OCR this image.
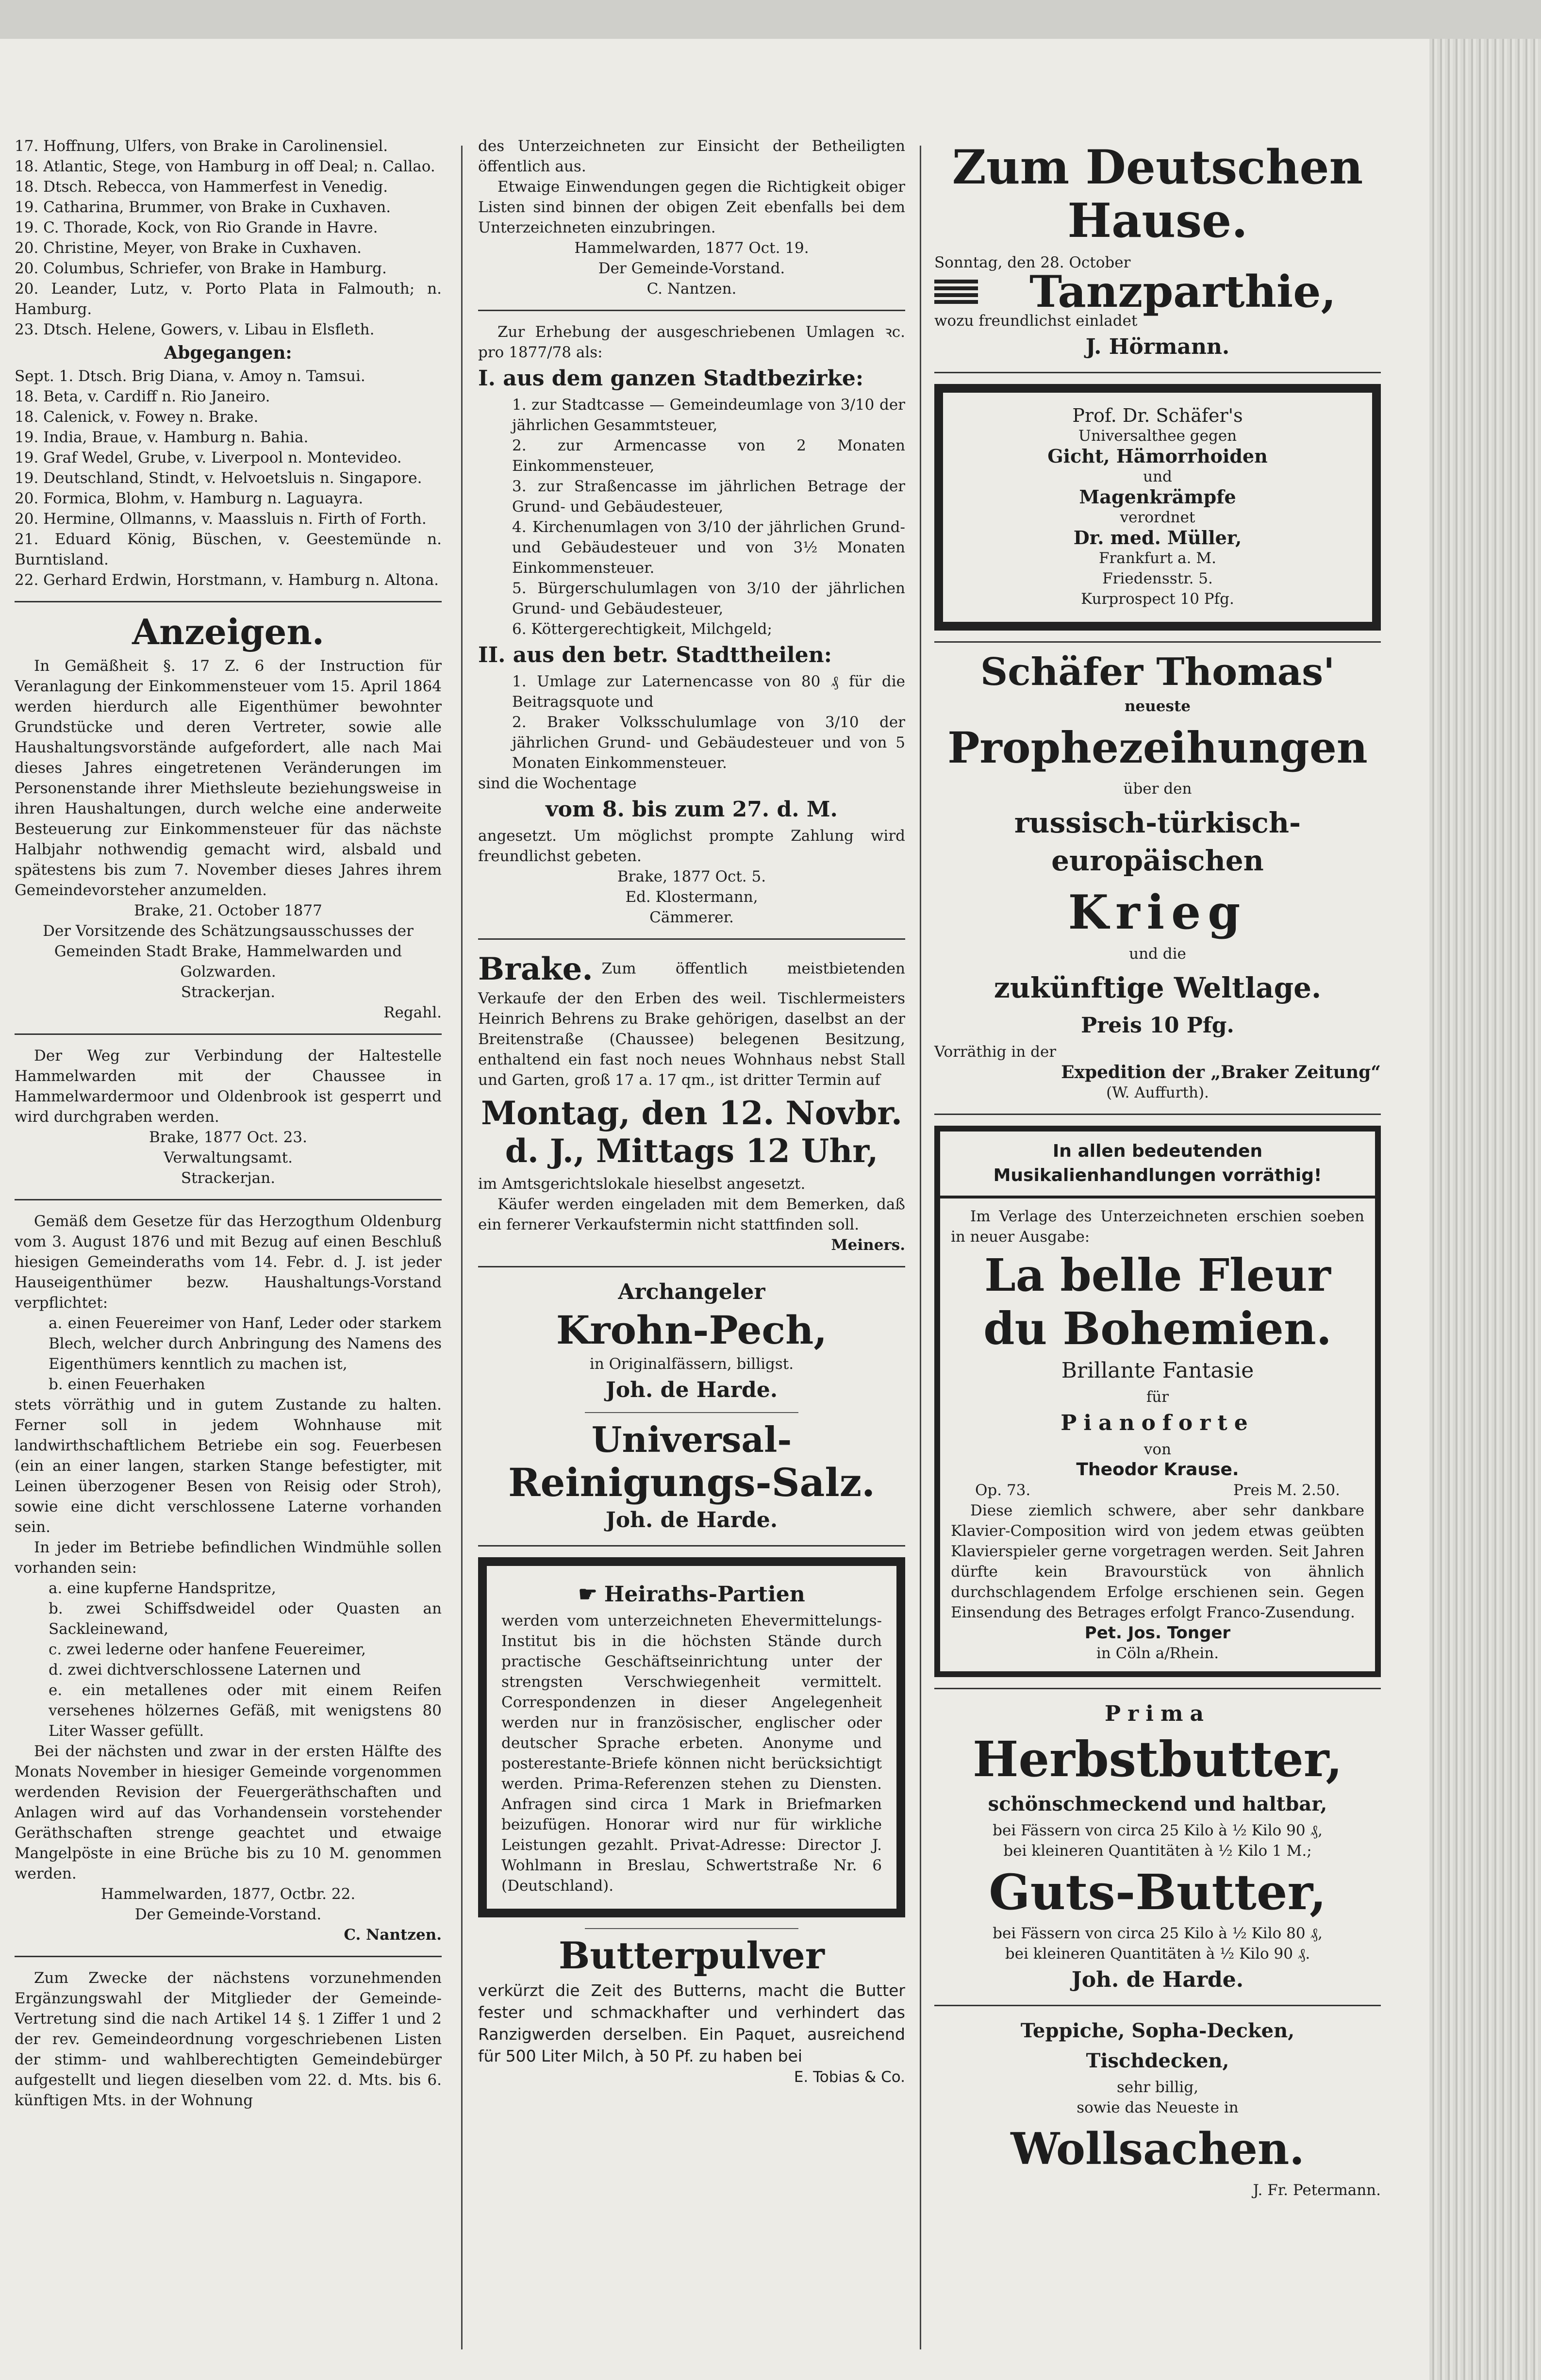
17. Hoffnung, Ulfers, von Brake in Carolinensiel.

18. Atlantic, Stege, von Hamburg in off Deal; n. Callao.

18. Dtsch. Rebecca, von Hammerfest in Venedig.

19. Catharina, Brummer, von Brake in Cuxhaven.

19. C. Thorade, Kock, von Rio Grande in Havre.

20. Christine, Meyer, von Brake in Cuxhaven.

20. Columbus, Schriefer, von Brake in Hamburg.

20. Leander, Lutz, v. Porto Plata in Falmouth; n. Hamburg.

23. Dtsch. Helene, Gowers, v. Libau in Elsfleth.

Abgegangen:

Sept. 1. Dtsch. Brig Diana, v. Amoy n. Tamsui.

18. Beta, v. Cardiff n. Rio Janeiro.

18. Calenick, v. Fowey n. Brake.

19. India, Braue, v. Hamburg n. Bahia.

19. Graf Wedel, Grube, v. Liverpool n. Montevideo.

19. Deutschland, Stindt, v. Helvoetsluis n. Singapore.

20. Formica, Blohm, v. Hamburg n. Laguayra.

20. Hermine, Ollmanns, v. Maassluis n. Firth of Forth.

21. Eduard König, Büschen, v. Geestemünde n. Burntisland.

22. Gerhard Erdwin, Horstmann, v. Hamburg n. Altona.

Anzeigen.

In Gemäßheit §. 17 Z. 6 der Instruction für Veranlagung der Einkommensteuer vom 15. April 1864 werden hierdurch alle Eigenthümer bewohnter Grundstücke und deren Vertreter, sowie alle Haushaltungsvorstände aufgefordert, alle nach Mai dieses Jahres eingetretenen Veränderungen im Personenstande ihrer Miethsleute beziehungsweise in ihren Haushaltungen, durch welche eine anderweite Besteuerung zur Einkommensteuer für das nächste Halbjahr nothwendig gemacht wird, alsbald und spätestens bis zum 7. November dieses Jahres ihrem Gemeindevorsteher anzumelden.

Brake, 21. October 1877

Der Vorsitzende des Schätzungsausschusses der Gemeinden Stadt Brake, Hammelwarden und Golzwarden.

Strackerjan.

Regahl.

Der Weg zur Verbindung der Haltestelle Hammelwarden mit der Chaussee in Hammelwardermoor und Oldenbrook ist gesperrt und wird durchgraben werden.

Brake, 1877 Oct. 23.

Verwaltungsamt.

Strackerjan.

Gemäß dem Gesetze für das Herzogthum Oldenburg vom 3. August 1876 und mit Bezug auf einen Beschluß hiesigen Gemeinderaths vom 14. Febr. d. J. ist jeder Hauseigenthümer bezw. Haushaltungs-Vorstand verpflichtet:

a. einen Feuereimer von Hanf, Leder oder starkem Blech, welcher durch Anbringung des Namens des Eigenthümers kenntlich zu machen ist,

b. einen Feuerhaken

stets vörräthig und in gutem Zustande zu halten. Ferner soll in jedem Wohnhause mit landwirthschaftlichem Betriebe ein sog. Feuerbesen (ein an einer langen, starken Stange befestigter, mit Leinen überzogener Besen von Reisig oder Stroh), sowie eine dicht verschlossene Laterne vorhanden sein.

In jeder im Betriebe befindlichen Windmühle sollen vorhanden sein:

a. eine kupferne Handspritze,

b. zwei Schiffsdweidel oder Quasten an Sackleinewand,

c. zwei lederne oder hanfene Feuereimer,

d. zwei dichtverschlossene Laternen und

e. ein metallenes oder mit einem Reifen versehenes hölzernes Gefäß, mit wenigstens 80 Liter Wasser gefüllt.

Bei der nächsten und zwar in der ersten Hälfte des Monats November in hiesiger Gemeinde vorgenommen werdenden Revision der Feuergeräthschaften und Anlagen wird auf das Vorhandensein vorstehender Geräthschaften strenge geachtet und etwaige Mangelpöste in eine Brüche bis zu 10 M. genommen werden.

Hammelwarden, 1877, Octbr. 22.

Der Gemeinde-Vorstand.

C. Nantzen.

Zum Zwecke der nächstens vorzunehmenden Ergänzungswahl der Mitglieder der Gemeinde-Vertretung sind die nach Artikel 14 §. 1 Ziffer 1 und 2 der rev. Gemeindeordnung vorgeschriebenen Listen der stimm- und wahlberechtigten Gemeindebürger aufgestellt und liegen dieselben vom 22. d. Mts. bis 6. künftigen Mts. in der Wohnung

des Unterzeichneten zur Einsicht der Betheiligten öffentlich aus.

Etwaige Einwendungen gegen die Richtigkeit obiger Listen sind binnen der obigen Zeit ebenfalls bei dem Unterzeichneten einzubringen.

Hammelwarden, 1877 Oct. 19.

Der Gemeinde-Vorstand.

C. Nantzen.

Zur Erhebung der ausgeschriebenen Umlagen ꝛc. pro 1877/78 als:

I. aus dem ganzen Stadtbezirke:

1. zur Stadtcasse — Gemeindeumlage von 3/10 der jährlichen Gesammtsteuer,

2. zur Armencasse von 2 Monaten Einkommensteuer,

3. zur Straßencasse im jährlichen Betrage der Grund- und Gebäudesteuer,

4. Kirchenumlagen von 3/10 der jährlichen Grund- und Gebäudesteuer und von 3½ Monaten Einkommensteuer.

5. Bürgerschulumlagen von 3/10 der jährlichen Grund- und Gebäudesteuer,

6. Köttergerechtigkeit, Milchgeld;

II. aus den betr. Stadttheilen:

1. Umlage zur Laternencasse von 80 ₰ für die Beitragsquote und

2. Braker Volksschulumlage von 3/10 der jährlichen Grund- und Gebäudesteuer und von 5 Monaten Einkommensteuer.

sind die Wochentage

vom 8. bis zum 27. d. M.

angesetzt. Um möglichst prompte Zahlung wird freundlichst gebeten.

Brake, 1877 Oct. 5.

Ed. Klostermann,

Cämmerer.

Brake. Zum öffentlich meistbietenden Verkaufe der den Erben des weil. Tischlermeisters Heinrich Behrens zu Brake gehörigen, daselbst an der Breitenstraße (Chaussee) belegenen Besitzung, enthaltend ein fast noch neues Wohnhaus nebst Stall und Garten, groß 17 a. 17 qm., ist dritter Termin auf

Montag, den 12. Novbr.

d. J., Mittags 12 Uhr,

im Amtsgerichtslokale hieselbst angesetzt.

Käufer werden eingeladen mit dem Bemerken, daß ein fernerer Verkaufstermin nicht stattfinden soll.

Meiners.

Archangeler

Krohn-Pech,

in Originalfässern, billigst.

Joh. de Harde.

Universal-

Reinigungs-Salz.

Joh. de Harde.

☛ Heiraths-Partien

werden vom unterzeichneten Ehevermittelungs-Institut bis in die höchsten Stände durch practische Geschäftseinrichtung unter der strengsten Verschwiegenheit vermittelt. Correspondenzen in dieser Angelegenheit werden nur in französischer, englischer oder deutscher Sprache erbeten. Anonyme und posterestante-Briefe können nicht berücksichtigt werden. Prima-Referenzen stehen zu Diensten. Anfragen sind circa 1 Mark in Briefmarken beizufügen. Honorar wird nur für wirkliche Leistungen gezahlt. Privat-Adresse: Director J. Wohlmann in Breslau, Schwertstraße Nr. 6 (Deutschland).

Butterpulver

verkürzt die Zeit des Butterns, macht die Butter fester und schmackhafter und verhindert das Ranzigwerden derselben. Ein Paquet, ausreichend für 500 Liter Milch, à 50 Pf. zu haben bei

E. Tobias & Co.

Zum Deutschen Hause.

Sonntag, den 28. October

Tanzparthie,

wozu freundlichst einladet

J. Hörmann.

Prof. Dr. Schäfer's

Universalthee gegen

Gicht, Hämorrhoiden

und

Magenkrämpfe

verordnet

Dr. med. Müller,

Frankfurt a. M.

Friedensstr. 5.

Kurprospect 10 Pfg.

Schäfer Thomas'

neueste

Prophezeihungen

über den

russisch-türkisch-europäischen

Krieg

und die

zukünftige Weltlage.

Preis 10 Pfg.

Vorräthig in der

Expedition der „Braker Zeitung“

(W. Auffurth).

In allen bedeutenden Musikalienhandlungen vorräthig!

Im Verlage des Unterzeichneten erschien soeben in neuer Ausgabe:

La belle Fleur

du Bohemien.

Brillante Fantasie

für

Pianoforte

von

Theodor Krause.

Op. 73.	Preis M. 2.50.

Diese ziemlich schwere, aber sehr dankbare Klavier-Composition wird von jedem etwas geübten Klavierspieler gerne vorgetragen werden. Seit Jahren dürfte kein Bravourstück von ähnlich durchschlagendem Erfolge erschienen sein. Gegen Einsendung des Betrages erfolgt Franco-Zusendung.

Pet. Jos. Tonger

in Cöln a/Rhein.

Prima

Herbstbutter,

schönschmeckend und haltbar,

bei Fässern von circa 25 Kilo à ½ Kilo 90 ₰,

bei kleineren Quantitäten à ½ Kilo 1 M.;

Guts-Butter,

bei Fässern von circa 25 Kilo à ½ Kilo 80 ₰,

bei kleineren Quantitäten à ½ Kilo 90 ₰.

Joh. de Harde.

Teppiche, Sopha-Decken,

Tischdecken,

sehr billig,

sowie das Neueste in

Wollsachen.

J. Fr. Petermann.
